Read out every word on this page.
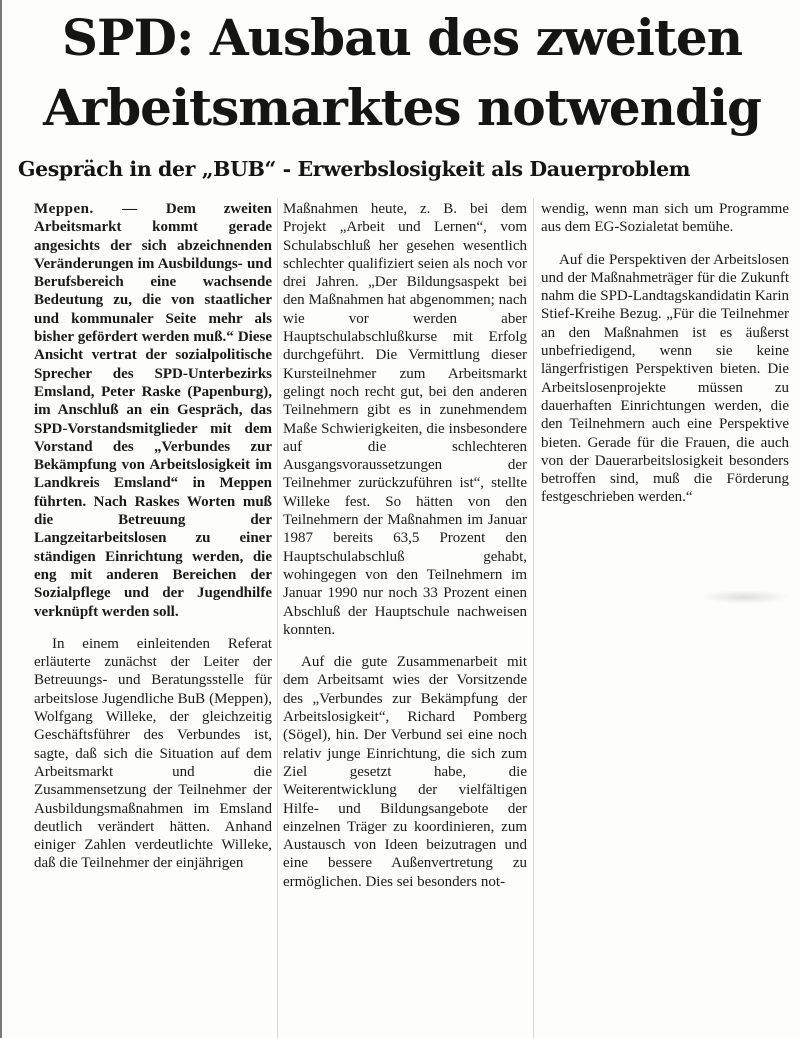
SPD: Ausbau des zweiten
Arbeitsmarktes notwendig
Gespräch in der „BUB“ - Erwerbslosigkeit als Dauerproblem

Meppen. — Dem zweiten Arbeitsmarkt kommt gerade angesichts der sich abzeichnenden Veränderungen im Ausbildungs- und Berufsbereich eine wachsende Bedeutung zu, die von staatlicher und kommunaler Seite mehr als bisher gefördert werden muß.“ Diese Ansicht vertrat der sozialpolitische Sprecher des SPD-Unterbezirks Emsland, Peter Raske (Papenburg), im Anschluß an ein Gespräch, das SPD-Vorstandsmitglieder mit dem Vorstand des „Verbundes zur Bekämpfung von Arbeitslosigkeit im Landkreis Emsland“ in Meppen führten. Nach Raskes Worten muß die Betreuung der Langzeitarbeitslosen zu einer ständigen Einrichtung werden, die eng mit anderen Bereichen der Sozialpflege und der Jugendhilfe verknüpft werden soll.

In einem einleitenden Referat erläuterte zunächst der Leiter der Betreuungs- und Beratungsstelle für arbeitslose Jugendliche BuB (Meppen), Wolfgang Willeke, der gleichzeitig Geschäftsführer des Verbundes ist, sagte, daß sich die Situation auf dem Arbeitsmarkt und die Zusammensetzung der Teilnehmer der Ausbildungsmaßnahmen im Emsland deutlich verändert hätten. Anhand einiger Zahlen verdeutlichte Willeke, daß die Teilnehmer der einjährigen

Maßnahmen heute, z. B. bei dem Projekt „Arbeit und Lernen“, vom Schulabschluß her gesehen wesentlich schlechter qualifiziert seien als noch vor drei Jahren. „Der Bildungsaspekt bei den Maßnahmen hat abgenommen; nach wie vor werden aber Hauptschulabschlußkurse mit Erfolg durchgeführt. Die Vermittlung dieser Kursteilnehmer zum Arbeitsmarkt gelingt noch recht gut, bei den anderen Teilnehmern gibt es in zunehmendem Maße Schwierigkeiten, die insbesondere auf die schlechteren Ausgangsvoraussetzungen der Teilnehmer zurückzuführen ist“, stellte Willeke fest. So hätten von den Teilnehmern der Maßnahmen im Januar 1987 bereits 63,5 Prozent den Hauptschulabschluß gehabt, wohingegen von den Teilnehmern im Januar 1990 nur noch 33 Prozent einen Abschluß der Hauptschule nachweisen konnten.

Auf die gute Zusammenarbeit mit dem Arbeitsamt wies der Vorsitzende des „Verbundes zur Bekämpfung der Arbeitslosigkeit“, Richard Pomberg (Sögel), hin. Der Verbund sei eine noch relativ junge Einrichtung, die sich zum Ziel gesetzt habe, die Weiterentwicklung der vielfältigen Hilfe- und Bildungsangebote der einzelnen Träger zu koordinieren, zum Austausch von Ideen beizutragen und eine bessere Außenvertretung zu ermöglichen. Dies sei besonders not-

wendig, wenn man sich um Programme aus dem EG-Sozialetat bemühe.

Auf die Perspektiven der Arbeitslosen und der Maßnahmeträger für die Zukunft nahm die SPD-Landtagskandidatin Karin Stief-Kreihe Bezug. „Für die Teilnehmer an den Maßnahmen ist es äußerst unbefriedigend, wenn sie keine längerfristigen Perspektiven bieten. Die Arbeitslosenprojekte müssen zu dauerhaften Einrichtungen werden, die den Teilnehmern auch eine Perspektive bieten. Gerade für die Frauen, die auch von der Dauerarbeitslosigkeit besonders betroffen sind, muß die Förderung festgeschrieben werden.“
